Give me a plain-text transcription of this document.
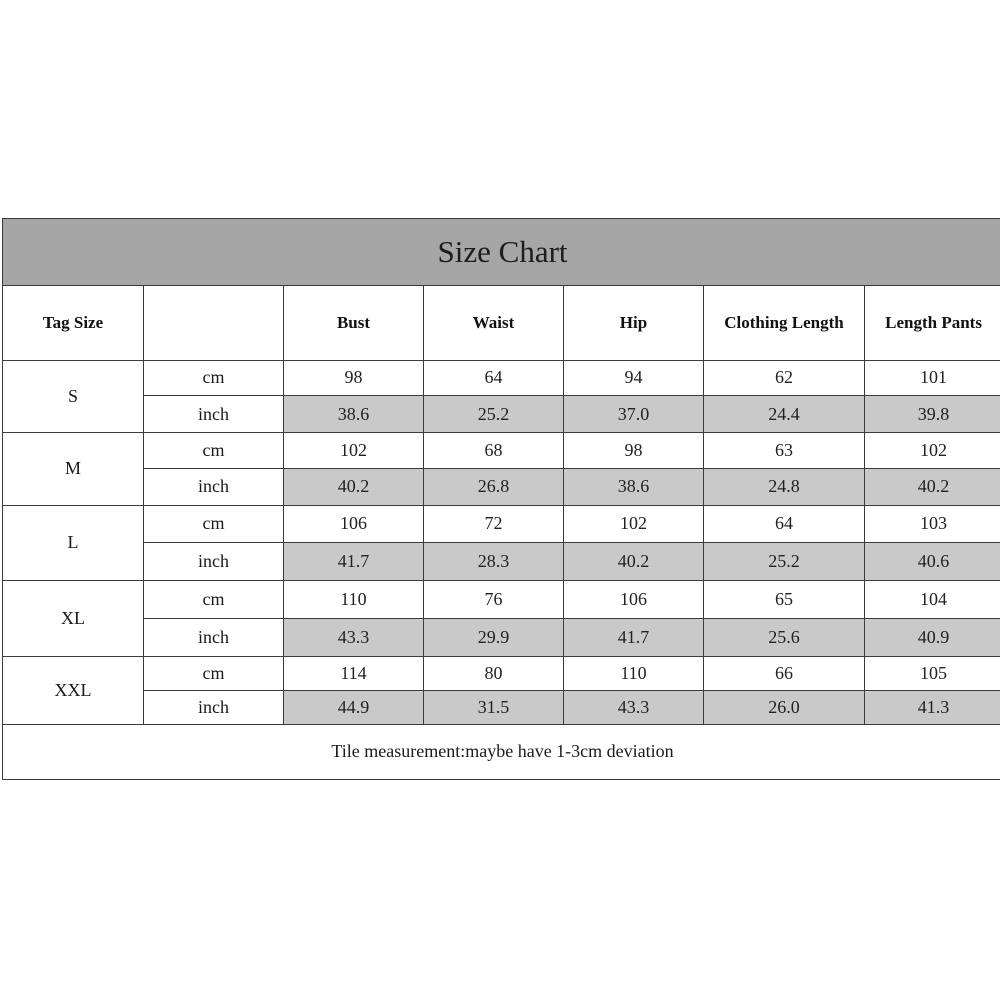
Size Chart						
Tag Size		Bust	Waist	Hip	Clothing Length	Length Pants
S	cm	98	64	94	62	101
	inch	38.6	25.2	37.0	24.4	39.8
M	cm	102	68	98	63	102
	inch	40.2	26.8	38.6	24.8	40.2
L	cm	106	72	102	64	103
	inch	41.7	28.3	40.2	25.2	40.6
XL	cm	110	76	106	65	104
	inch	43.3	29.9	41.7	25.6	40.9
XXL	cm	114	80	110	66	105
	inch	44.9	31.5	43.3	26.0	41.3
Tile measurement:maybe have 1-3cm deviation						
